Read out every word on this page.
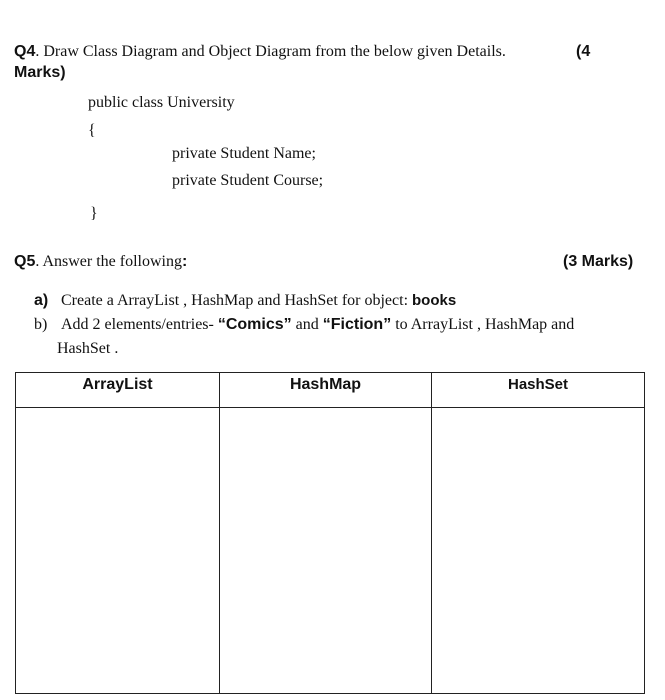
Q4. Draw Class Diagram and Object Diagram from the below given Details.	(4
Marks)
public class University
{
private Student Name;
private Student Course;
}
Q5. Answer the following:	(3 Marks)
a) Create a ArrayList , HashMap and HashSet for object: books
b) Add 2 elements/entries- “Comics” and “Fiction” to ArrayList , HashMap and
HashSet .
ArrayList	HashMap	HashSet
